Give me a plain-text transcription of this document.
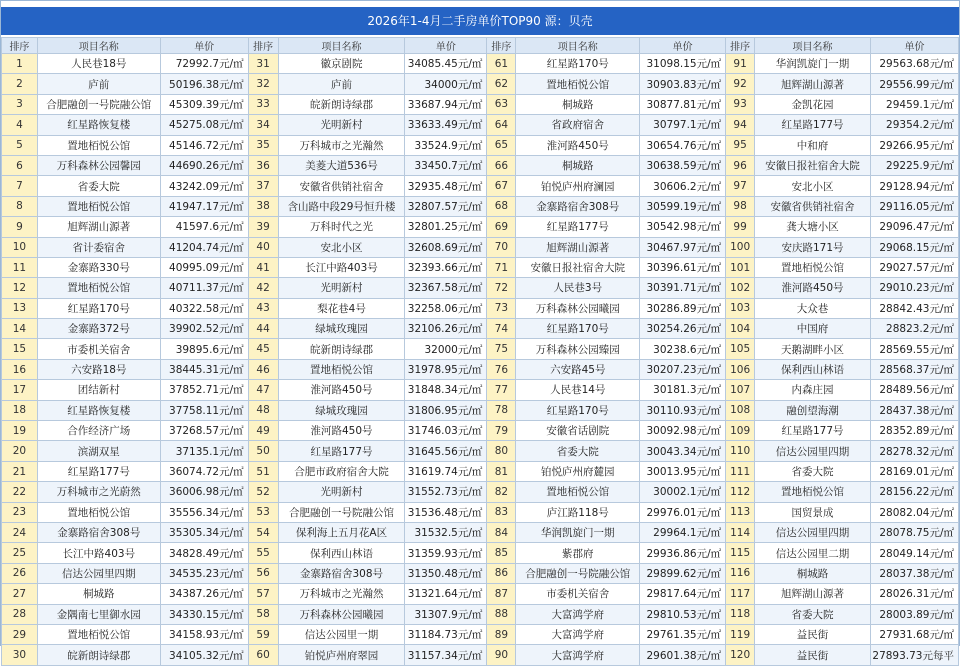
2026年1-4月二手房单价TOP90 源：贝壳
排序	项目名称	单价	排序	项目名称	单价	排序	项目名称	单价	排序	项目名称	单价
1	人民巷18号	72992.7元/㎡	31	徽京剧院	34085.45元/㎡	61	红星路170号	31098.15元/㎡	91	华润凯旋门一期	29563.68元/㎡
2	庐前	50196.38元/㎡	32	庐前	34000元/㎡	62	置地栢悦公馆	30903.83元/㎡	92	旭辉湖山源著	29556.99元/㎡
3	合肥融创一号院融公馆	45309.39元/㎡	33	皖新朗诗绿郡	33687.94元/㎡	63	桐城路	30877.81元/㎡	93	金凯花园	29459.1元/㎡
4	红星路恢复楼	45275.08元/㎡	34	光明新村	33633.49元/㎡	64	省政府宿舍	30797.1元/㎡	94	红星路177号	29354.2元/㎡
5	置地栢悦公馆	45146.72元/㎡	35	万科城市之光瀚然	33524.9元/㎡	65	淮河路450号	30654.76元/㎡	95	中和府	29266.95元/㎡
6	万科森林公园馨园	44690.26元/㎡	36	美菱大道536号	33450.7元/㎡	66	桐城路	30638.59元/㎡	96	安徽日报社宿舍大院	29225.9元/㎡
7	省委大院	43242.09元/㎡	37	安徽省供销社宿舍	32935.48元/㎡	67	铂悦庐州府澜园	30606.2元/㎡	97	安北小区	29128.94元/㎡
8	置地栢悦公馆	41947.17元/㎡	38	含山路中段29号恒升楼	32807.57元/㎡	68	金寨路宿舍308号	30599.19元/㎡	98	安徽省供销社宿舍	29116.05元/㎡
9	旭辉湖山源著	41597.6元/㎡	39	万科时代之光	32801.25元/㎡	69	红星路177号	30542.98元/㎡	99	龚大塘小区	29096.47元/㎡
10	省计委宿舍	41204.74元/㎡	40	安北小区	32608.69元/㎡	70	旭辉湖山源著	30467.97元/㎡	100	安庆路171号	29068.15元/㎡
11	金寨路330号	40995.09元/㎡	41	长江中路403号	32393.66元/㎡	71	安徽日报社宿舍大院	30396.61元/㎡	101	置地栢悦公馆	29027.57元/㎡
12	置地栢悦公馆	40711.37元/㎡	42	光明新村	32367.58元/㎡	72	人民巷3号	30391.71元/㎡	102	淮河路450号	29010.23元/㎡
13	红星路170号	40322.58元/㎡	43	梨花巷4号	32258.06元/㎡	73	万科森林公园曦园	30286.89元/㎡	103	大众巷	28842.43元/㎡
14	金寨路372号	39902.52元/㎡	44	绿城玫瑰园	32106.26元/㎡	74	红星路170号	30254.26元/㎡	104	中国府	28823.2元/㎡
15	市委机关宿舍	39895.6元/㎡	45	皖新朗诗绿郡	32000元/㎡	75	万科森林公园臻园	30238.6元/㎡	105	天鹅湖畔小区	28569.55元/㎡
16	六安路18号	38445.31元/㎡	46	置地栢悦公馆	31978.95元/㎡	76	六安路45号	30207.23元/㎡	106	保利西山林语	28568.37元/㎡
17	团结新村	37852.71元/㎡	47	淮河路450号	31848.34元/㎡	77	人民巷14号	30181.3元/㎡	107	内森庄园	28489.56元/㎡
18	红星路恢复楼	37758.11元/㎡	48	绿城玫瑰园	31806.95元/㎡	78	红星路170号	30110.93元/㎡	108	融创望海潮	28437.38元/㎡
19	合作经济广场	37268.57元/㎡	49	淮河路450号	31746.03元/㎡	79	安徽省话剧院	30092.98元/㎡	109	红星路177号	28352.89元/㎡
20	滨湖双星	37135.1元/㎡	50	红星路177号	31645.56元/㎡	80	省委大院	30043.34元/㎡	110	信达公园里四期	28278.32元/㎡
21	红星路177号	36074.72元/㎡	51	合肥市政府宿舍大院	31619.74元/㎡	81	铂悦庐州府麓园	30013.95元/㎡	111	省委大院	28169.01元/㎡
22	万科城市之光蔚然	36006.98元/㎡	52	光明新村	31552.73元/㎡	82	置地栢悦公馆	30002.1元/㎡	112	置地栢悦公馆	28156.22元/㎡
23	置地栢悦公馆	35556.34元/㎡	53	合肥融创一号院融公馆	31536.48元/㎡	83	庐江路118号	29976.01元/㎡	113	国贸景成	28082.04元/㎡
24	金寨路宿舍308号	35305.34元/㎡	54	保利海上五月花A区	31532.5元/㎡	84	华润凯旋门一期	29964.1元/㎡	114	信达公园里四期	28078.75元/㎡
25	长江中路403号	34828.49元/㎡	55	保利西山林语	31359.93元/㎡	85	紫郡府	29936.86元/㎡	115	信达公园里二期	28049.14元/㎡
26	信达公园里四期	34535.23元/㎡	56	金寨路宿舍308号	31350.48元/㎡	86	合肥融创一号院融公馆	29899.62元/㎡	116	桐城路	28037.38元/㎡
27	桐城路	34387.26元/㎡	57	万科城市之光瀚然	31321.64元/㎡	87	市委机关宿舍	29817.64元/㎡	117	旭辉湖山源著	28026.31元/㎡
28	金隅南七里御水园	34330.15元/㎡	58	万科森林公园曦园	31307.9元/㎡	88	大富鸿学府	29810.53元/㎡	118	省委大院	28003.89元/㎡
29	置地栢悦公馆	34158.93元/㎡	59	信达公园里一期	31184.73元/㎡	89	大富鸿学府	29761.35元/㎡	119	益民街	27931.68元/㎡
30	皖新朗诗绿郡	34105.32元/㎡	60	铂悦庐州府翠园	31157.34元/㎡	90	大富鸿学府	29601.38元/㎡	120	益民街	27893.73元每平
